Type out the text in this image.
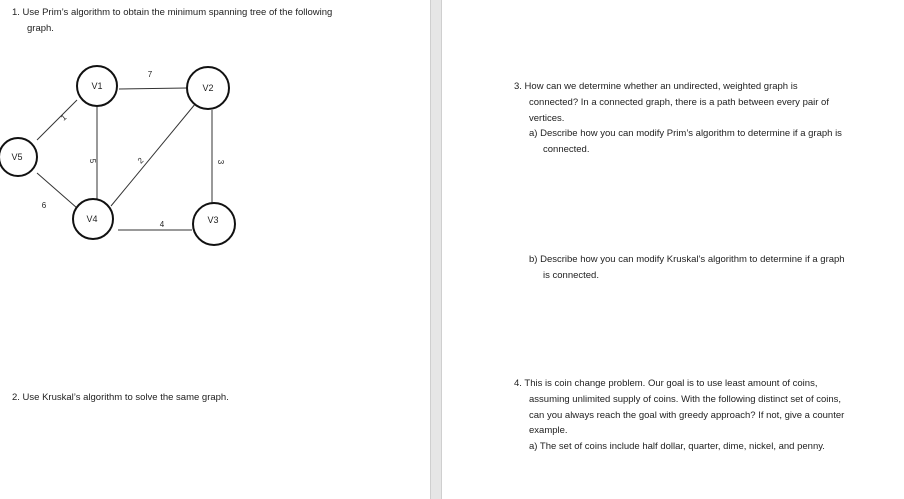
1. Use Prim’s algorithm to obtain the minimum spanning tree of the following
graph.
V1	V2
V5
V4	V3
7
1
5	2	3
6
4
2. Use Kruskal’s algorithm to solve the same graph.
3. How can we determine whether an undirected, weighted graph is
connected? In a connected graph, there is a path between every pair of
vertices.
a) Describe how you can modify Prim’s algorithm to determine if a graph is
connected.
b) Describe how you can modify Kruskal’s algorithm to determine if a graph
is connected.
4. This is coin change problem. Our goal is to use least amount of coins,
assuming unlimited supply of coins. With the following distinct set of coins,
can you always reach the goal with greedy approach? If not, give a counter
example.
a) The set of coins include half dollar, quarter, dime, nickel, and penny.
